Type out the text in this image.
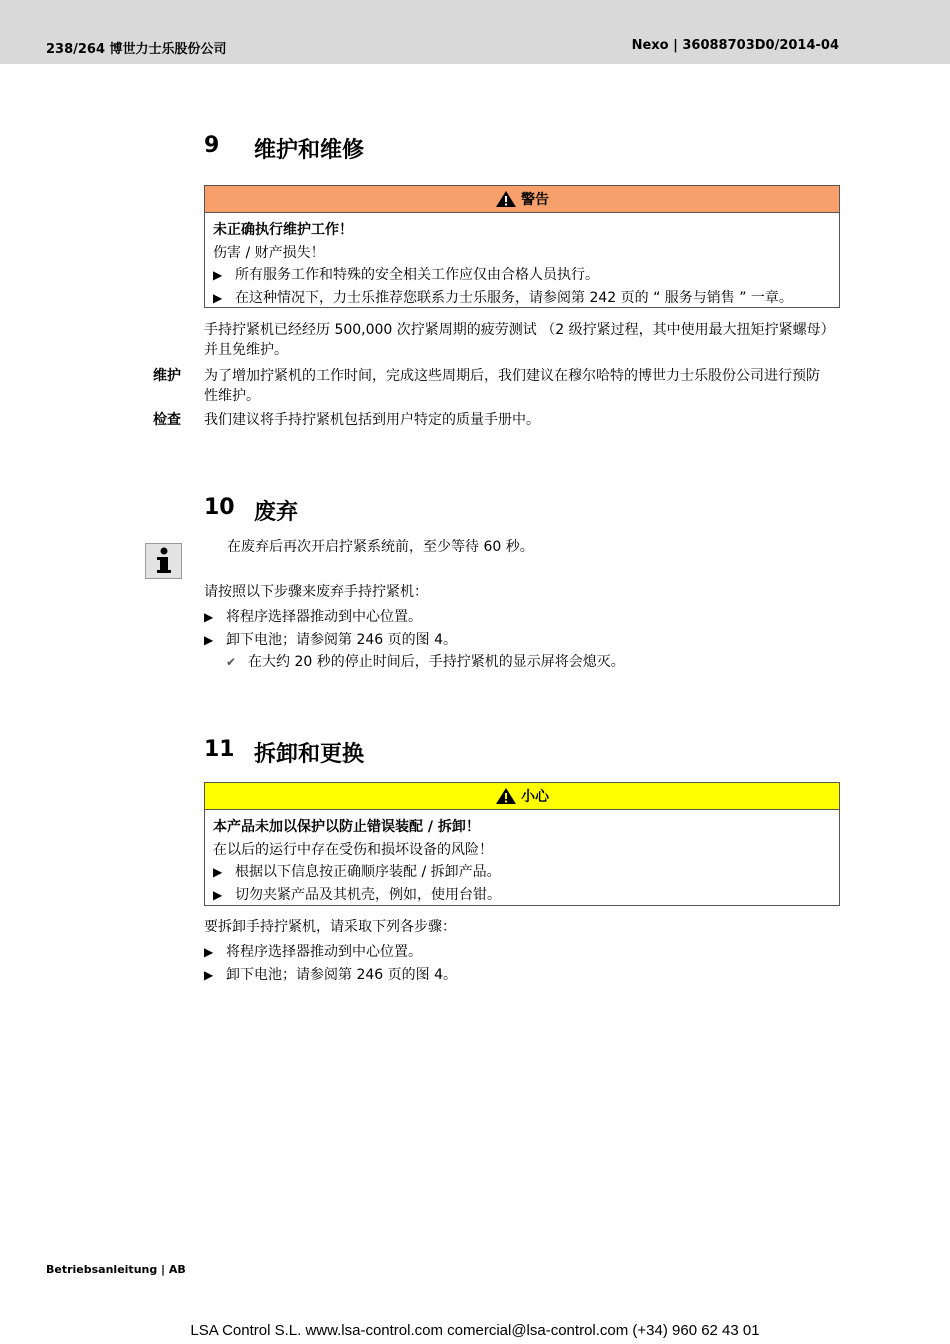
238/264 博世力士乐股份公司	Nexo | 36088703D0/2014-04
9	维护和维修
警告
未正确执行维护工作！
伤害 / 财产损失！
▶ 所有服务工作和特殊的安全相关工作应仅由合格人员执行。
▶ 在这种情况下，力士乐推荐您联系力士乐服务，请参阅第 242 页的 “ 服务与销售 ” 一章。
手持拧紧机已经经历 500,000 次拧紧周期的疲劳测试 （2 级拧紧过程，其中使用最大扭矩拧紧螺母）
并且免维护。
维护 为了增加拧紧机的工作时间，完成这些周期后，我们建议在穆尔哈特的博世力士乐股份公司进行预防
性维护。
检查 我们建议将手持拧紧机包括到用户特定的质量手册中。
10 废弃
在废弃后再次开启拧紧系统前，至少等待 60 秒。
请按照以下步骤来废弃手持拧紧机：
▶ 将程序选择器推动到中心位置。
▶ 卸下电池；请参阅第 246 页的图 4。
✔ 在大约 20 秒的停止时间后，手持拧紧机的显示屏将会熄灭。
11 拆卸和更换
小心
本产品未加以保护以防止错误装配 / 拆卸！
在以后的运行中存在受伤和损坏设备的风险！
▶ 根据以下信息按正确顺序装配 / 拆卸产品。
▶ 切勿夹紧产品及其机壳，例如，使用台钳。
要拆卸手持拧紧机，请采取下列各步骤：
▶ 将程序选择器推动到中心位置。
▶ 卸下电池；请参阅第 246 页的图 4。
Betriebsanleitung | AB
LSA Control S.L. www.lsa-control.com comercial@lsa-control.com (+34) 960 62 43 01
